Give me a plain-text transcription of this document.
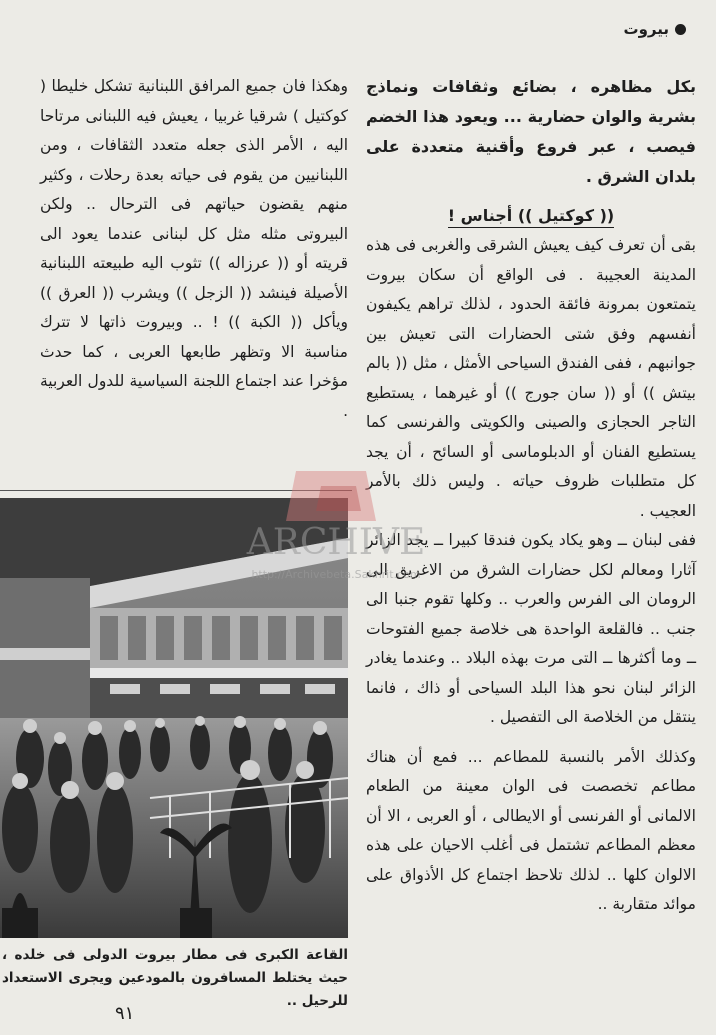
بيروت

بكل مظاهره ، بضائع وثقافات ونماذج بشرية والوان حضارية ... ويعود هذا الخضم فيصب ، عبر فروع وأقنية متعددة على بلدان الشرق .

(( كوكتيل )) أجناس !

بقى أن تعرف كيف يعيش الشرقى والغربى فى هذه المدينة العجيبة . فى الواقع أن سكان بيروت يتمتعون بمرونة فائقة الحدود ، لذلك تراهم يكيفون أنفسهم وفق شتى الحضارات التى تعيش بين جوانبهم ، ففى الفندق السياحى الأمثل ، مثل (( بالم بيتش )) أو (( سان جورج )) أو غيرهما ، يستطيع التاجر الحجازى والصينى والكويتى والفرنسى كما يستطيع الفنان أو الدبلوماسى أو السائح ، أن يجد كل متطلبات ظروف حياته . وليس ذلك بالأمر العجيب .

ففى لبنان ــ وهو يكاد يكون فندقا كبيرا ــ يجد الزائر آثارا ومعالم لكل حضارات الشرق من الاغريق الى الرومان الى الفرس والعرب .. وكلها تقوم جنبا الى جنب .. فالقلعة الواحدة هى خلاصة جميع الفتوحات ــ وما أكثرها ــ التى مرت بهذه البلاد .. وعندما يغادر الزائر لبنان نحو هذا البلد السياحى أو ذاك ، فانما ينتقل من الخلاصة الى التفصيل .

وكذلك الأمر بالنسبة للمطاعم ... فمع أن هناك مطاعم تخصصت فى الوان معينة من الطعام الالمانى أو الفرنسى أو الايطالى ، أو العربى ، الا أن معظم المطاعم تشتمل فى أغلب الاحيان على هذه الالوان كلها .. لذلك تلاحظ اجتماع كل الأذواق على موائد متقاربة ..

وهكذا فان جميع المرافق اللبنانية تشكل خليطا ( كوكتيل ) شرقيا غربيا ، يعيش فيه اللبنانى مرتاحا اليه ، الأمر الذى جعله متعدد الثقافات ، ومن اللبنانيين من يقوم فى حياته بعدة رحلات ، وكثير منهم يقضون حياتهم فى الترحال .. ولكن البيروتى مثله مثل كل لبنانى عندما يعود الى قريته أو (( عرزاله )) تثوب اليه طبيعته اللبنانية الأصيلة فينشد (( الزجل )) ويشرب (( العرق )) ويأكل (( الكبة )) ! .. وبيروت ذاتها لا تترك مناسبة الا وتظهر طابعها العربى ، كما حدث مؤخرا عند اجتماع اللجنة السياسية للدول العربية .

ARCHIVE
http://Archivebeta.Sakhrit.com
القاعة الكبرى فى مطار بيروت الدولى فى خلده ، حيث يختلط المسافرون بالمودعين ويجرى الاستعداد للرحيل ..
٩١
